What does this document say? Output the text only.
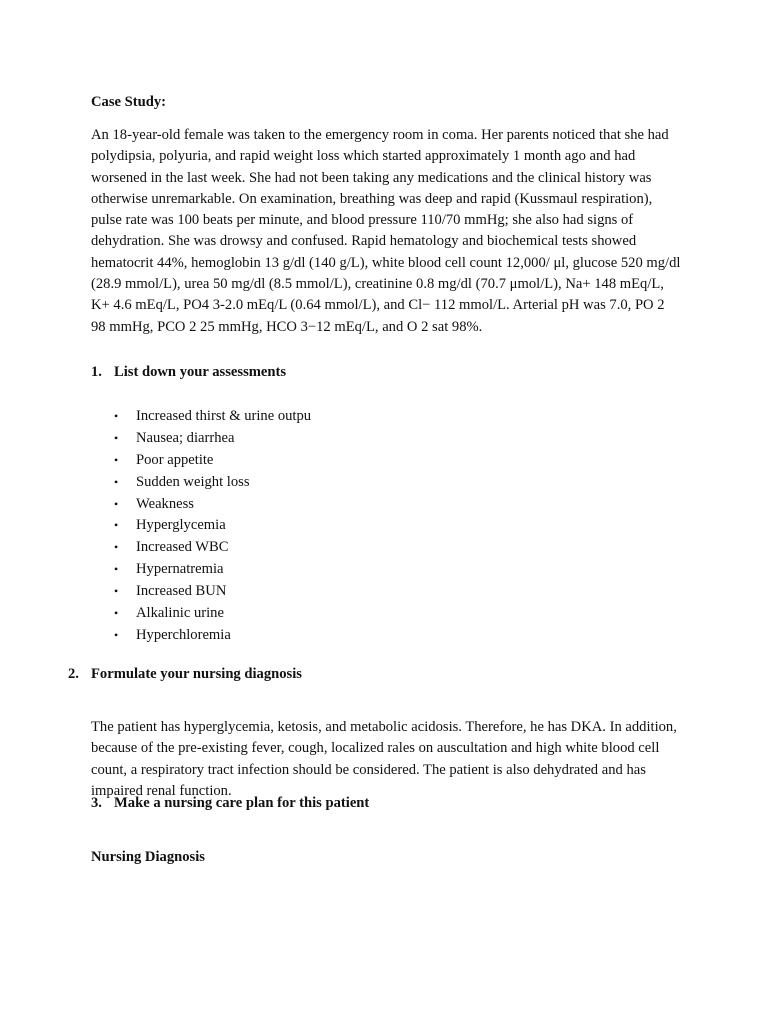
Case Study:

An 18-year-old female was taken to the emergency room in coma. Her parents noticed that she had polydipsia, polyuria, and rapid weight loss which started approximately 1 month ago and had worsened in the last week. She had not been taking any medications and the clinical history was otherwise unremarkable. On examination, breathing was deep and rapid (Kussmaul respiration), pulse rate was 100 beats per minute, and blood pressure 110/70 mmHg; she also had signs of dehydration. She was drowsy and confused. Rapid hematology and biochemical tests showed hematocrit 44%, hemoglobin 13 g/dl (140 g/L), white blood cell count 12,000/ μl, glucose 520 mg/dl (28.9 mmol/L), urea 50 mg/dl (8.5 mmol/L), creatinine 0.8 mg/dl (70.7 μmol/L), Na+ 148 mEq/L, K+ 4.6 mEq/L, PO4 3-2.0 mEq/L (0.64 mmol/L), and Cl− 112 mmol/L. Arterial pH was 7.0, PO 2 98 mmHg, PCO 2 25 mmHg, HCO 3−12 mEq/L, and O 2 sat 98%.

1. List down your assessments

• Increased thirst & urine outpu
• Nausea; diarrhea
• Poor appetite
• Sudden weight loss
• Weakness
• Hyperglycemia
• Increased WBC
• Hypernatremia
• Increased BUN
• Alkalinic urine
• Hyperchloremia

2. Formulate your nursing diagnosis

The patient has hyperglycemia, ketosis, and metabolic acidosis. Therefore, he has DKA. In addition, because of the pre-existing fever, cough, localized rales on auscultation and high white blood cell count, a respiratory tract infection should be considered. The patient is also dehydrated and has impaired renal function.

3. Make a nursing care plan for this patient

Nursing Diagnosis
